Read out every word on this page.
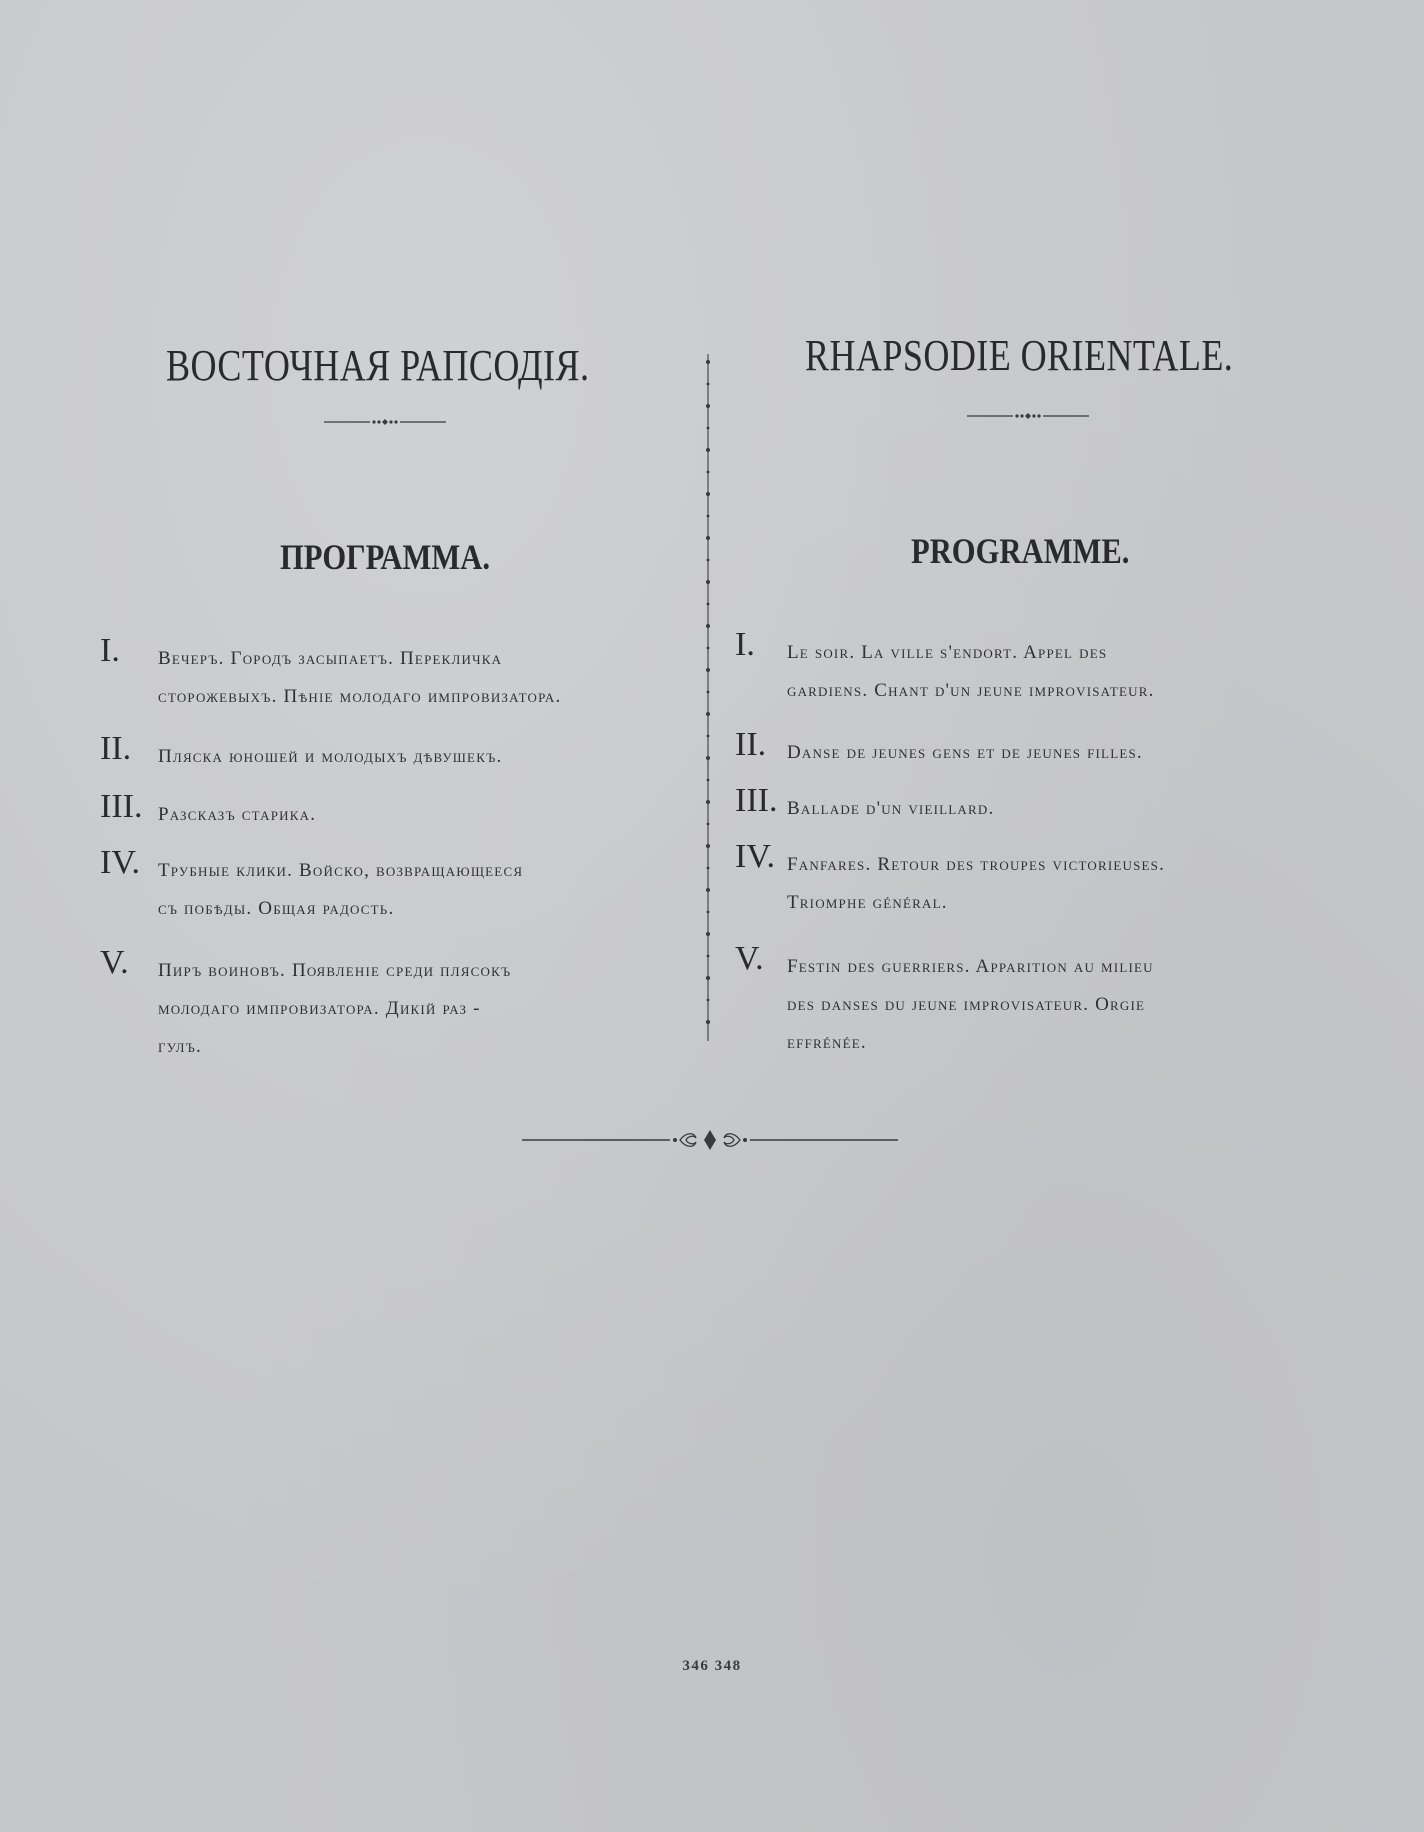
ВОСТОЧНАЯ РАПСОДІЯ.
ПРОГРАММА.
I. Вечеръ. Городъ засыпаетъ. Перекличка
сторожевыхъ. Пѣніе молодаго импровизатора.

II. Пляска юношей и молодыхъ дѣвушекъ.

III. Разсказъ старика.

IV. Трубные клики. Войско, возвращающееся
съ побѣды. Общая радость.

V. Пиръ воиновъ. Появленіе среди плясокъ
молодаго импровизатора. Дикій раз -
гулъ.

RHAPSODIE ORIENTALE.
PROGRAMME.
I. Le soir. La ville s'endort. Appel des
gardiens. Chant d'un jeune improvisateur.

II. Danse de jeunes gens et de jeunes filles.

III. Ballade d'un vieillard.

IV. Fanfares. Retour des troupes victorieuses.
Triomphe général.

V. Festin des guerriers. Apparition au milieu
des danses du jeune improvisateur. Orgie
effrénée.

346 348
